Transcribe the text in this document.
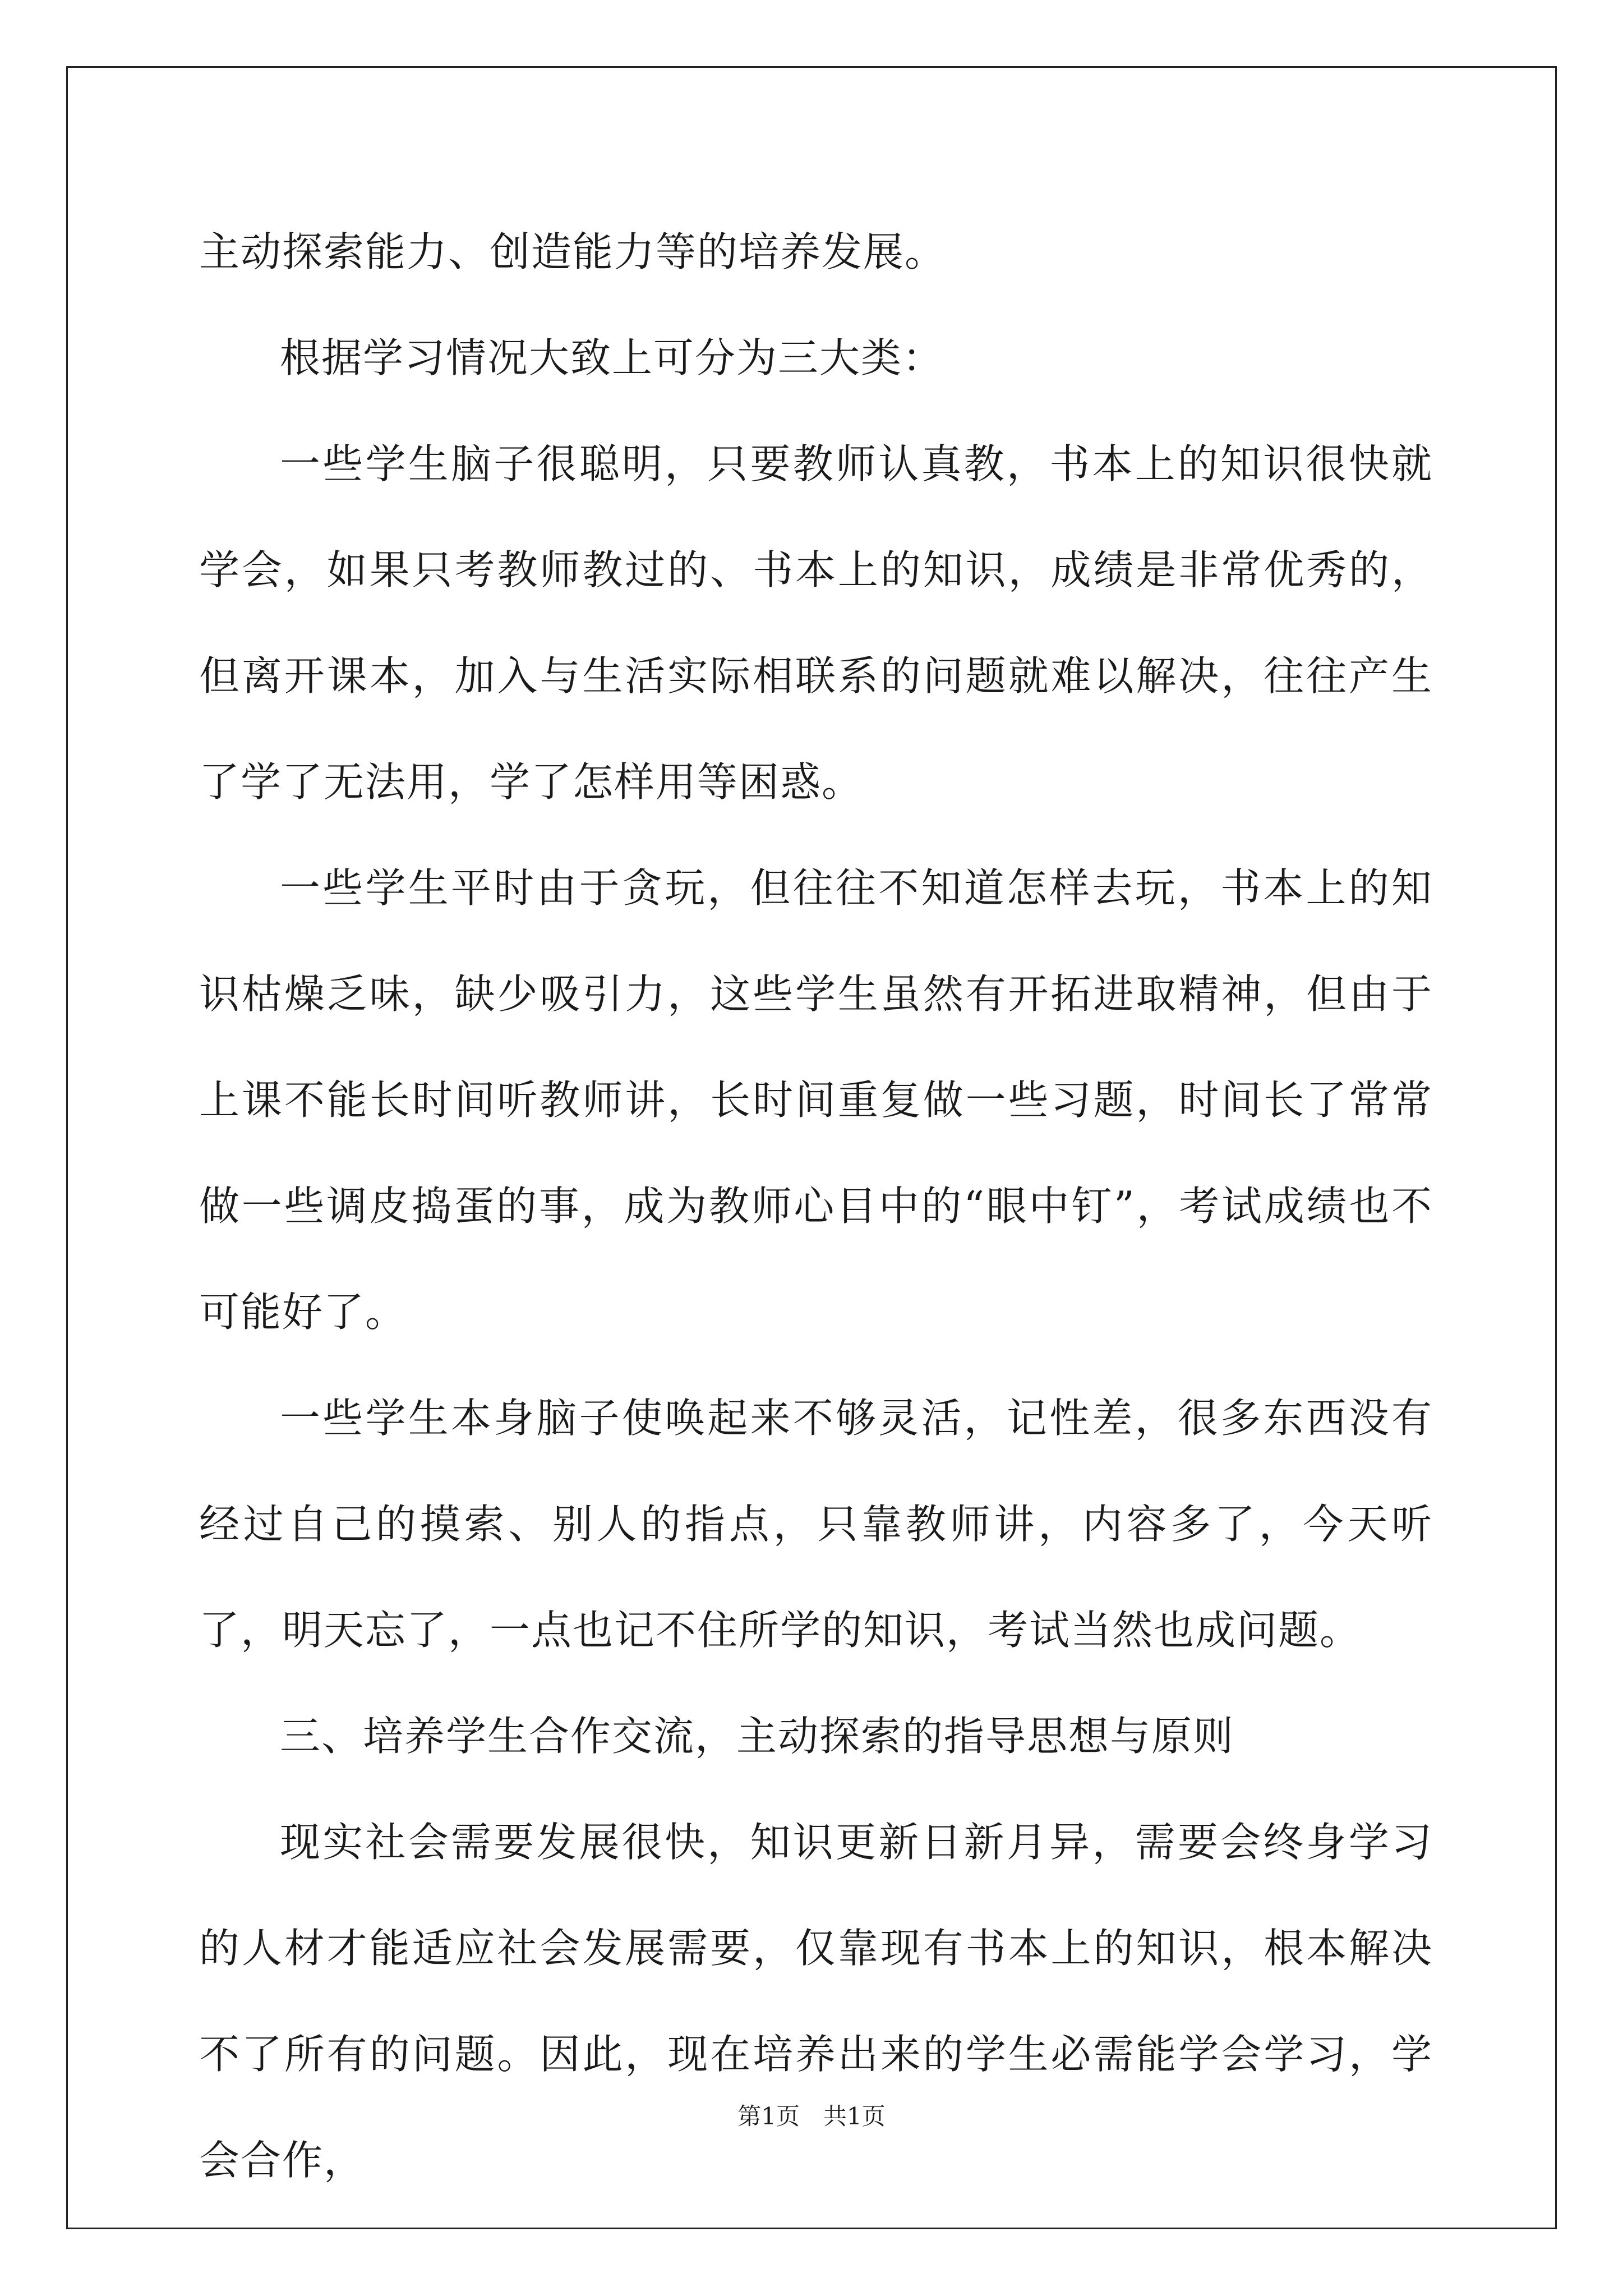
主动探索能力、创造能力等的培养发展。

根据学习情况大致上可分为三大类：

一些学生脑子很聪明，只要教师认真教，书本上的知识很快就学会，如果只考教师教过的、书本上的知识，成绩是非常优秀的，但离开课本，加入与生活实际相联系的问题就难以解决，往往产生了学了无法用，学了怎样用等困惑。

一些学生平时由于贪玩，但往往不知道怎样去玩，书本上的知识枯燥乏味，缺少吸引力，这些学生虽然有开拓进取精神，但由于上课不能长时间听教师讲，长时间重复做一些习题，时间长了常常做一些调皮捣蛋的事，成为教师心目中的“眼中钉”，考试成绩也不可能好了。

一些学生本身脑子使唤起来不够灵活，记性差，很多东西没有经过自己的摸索、别人的指点，只靠教师讲，内容多了，今天听了，明天忘了，一点也记不住所学的知识，考试当然也成问题。

三、培养学生合作交流，主动探索的指导思想与原则

现实社会需要发展很快，知识更新日新月异，需要会终身学习的人材才能适应社会发展需要，仅靠现有书本上的知识，根本解决不了所有的问题。因此，现在培养出来的学生必需能学会学习，学会合作，

第1页 共1页
